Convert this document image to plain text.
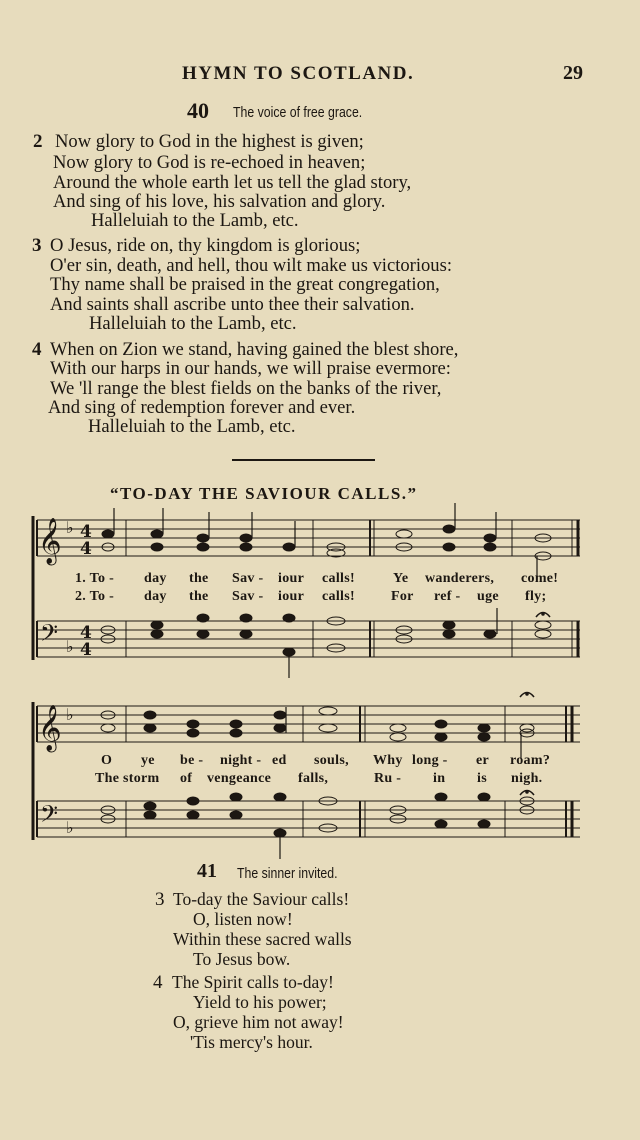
HYMN TO SCOTLAND.	29
40 The voice of free grace.
2 Now glory to God in the highest is given;
Now glory to God is re-echoed in heaven;
Around the whole earth let us tell the glad story,
And sing of his love, his salvation and glory.
Halleluiah to the Lamb, etc.
3 O Jesus, ride on, thy kingdom is glorious;
O'er sin, death, and hell, thou wilt make us victorious:
Thy name shall be praised in the great congregation,
And saints shall ascribe unto thee their salvation.
Halleluiah to the Lamb, etc.
4 When on Zion we stand, having gained the blest shore,
With our harps in our hands, we will praise evermore:
We 'll range the blest fields on the banks of the river,
And sing of redemption forever and ever.
Halleluiah to the Lamb, etc.
“TO-DAY THE SAVIOUR CALLS.”
𝄞
𝄞
𝄢
𝄢
♭
♭
♭
♭
4
4
4
4
1. To - day the Sav - iour calls!	Ye wanderers, come!
2. To - day the Sav - iour calls!	For ref - uge fly;
O ye be - night - ed souls, Why long - er roam?
The storm of vengeance falls,	Ru - in is nigh.
41 The sinner invited.
3 To-day the Saviour calls!
O, listen now!
Within these sacred walls
To Jesus bow.
4 The Spirit calls to-day!
Yield to his power;
O, grieve him not away!
'Tis mercy's hour.
